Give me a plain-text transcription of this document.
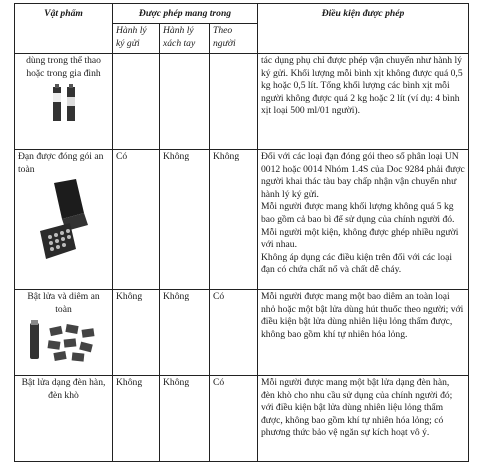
Vật phẩm	Được phép mang trong			Điều kiện được phép
	Hành lý ký gửi	Hành lý xách tay	Theo người	

dùng trong thể thao hoặc trong gia đình				tác dụng phụ chỉ được phép vận chuyển như hành lý ký gửi. Khối lượng mỗi bình xịt không được quá 0,5 kg hoặc 0,5 lít. Tổng khối lượng các bình xịt mỗi người không được quá 2 kg hoặc 2 lít (ví dụ: 4 bình xịt loại 500 ml/01 người).

Đạn được đóng gói an toàn	Có	Không	Không	Đối với các loại đạn đóng gói theo số phân loại UN 0012 hoặc 0014 Nhóm 1.4S của Doc 9284 phải được người khai thác tàu bay chấp nhận vận chuyển như hành lý ký gửi.

Mỗi người được mang khối lượng không quá 5 kg bao gồm cả bao bì để sử dụng của chính người đó.

Mỗi người một kiện, không được ghép nhiều người với nhau.

Không áp dụng các điều kiện trên đối với các loại đạn có chứa chất nổ và chất dễ cháy.

Bật lửa và diêm an toàn	Không	Không	Có	Mỗi người được mang một bao diêm an toàn loại nhỏ hoặc một bật lửa dùng hút thuốc theo người; với điều kiện bật lửa dùng nhiên liệu lỏng thẩm được, không bao gồm khí tự nhiên hóa lỏng.

Bật lửa dạng đèn hàn, đèn khò	Không	Không	Có	Mỗi người được mang một bật lửa dạng đèn hàn, đèn khò cho nhu cầu sử dụng của chính người đó; với điều kiện bật lửa dùng nhiên liệu lỏng thẩm được, không bao gồm khí tự nhiên hóa lỏng; có phương thức bảo vệ ngăn sự kích hoạt vô ý.
